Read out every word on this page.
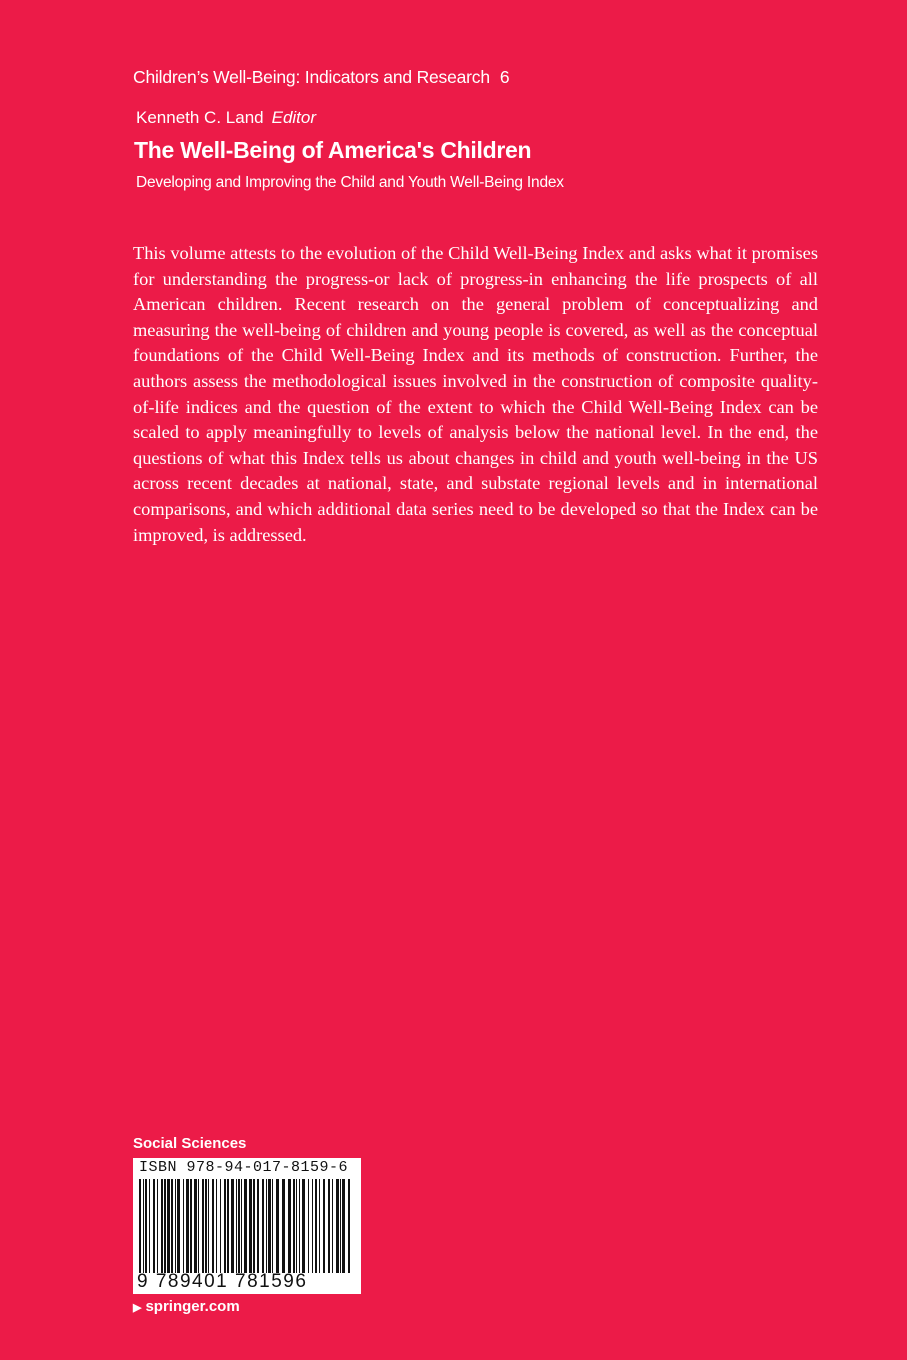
Children’s Well-Being: Indicators and Research 6
Kenneth C. Land Editor
The Well-Being of America's Children
Developing and Improving the Child and Youth Well-Being Index

This volume attests to the evolution of the Child Well-Being Index and asks what it promises for understanding the progress-or lack of progress-in enhancing the life prospects of all American children. Recent research on the general problem of conceptualizing and measuring the well-being of children and young people is covered, as well as the conceptual foundations of the Child Well-Being Index and its methods of construction. Further, the authors assess the methodological issues involved in the construction of composite quality-of-life indices and the question of the extent to which the Child Well-Being Index can be scaled to apply meaningfully to levels of analysis below the national level. In the end, the questions of what this Index tells us about changes in child and youth well-being in the US across recent decades at national, state, and substate regional levels and in international comparisons, and which additional data series need to be developed so that the Index can be improved, is addressed.

Social Sciences
ISBN 978-94-017-8159-6
9 789401 781596
▶ springer.com
